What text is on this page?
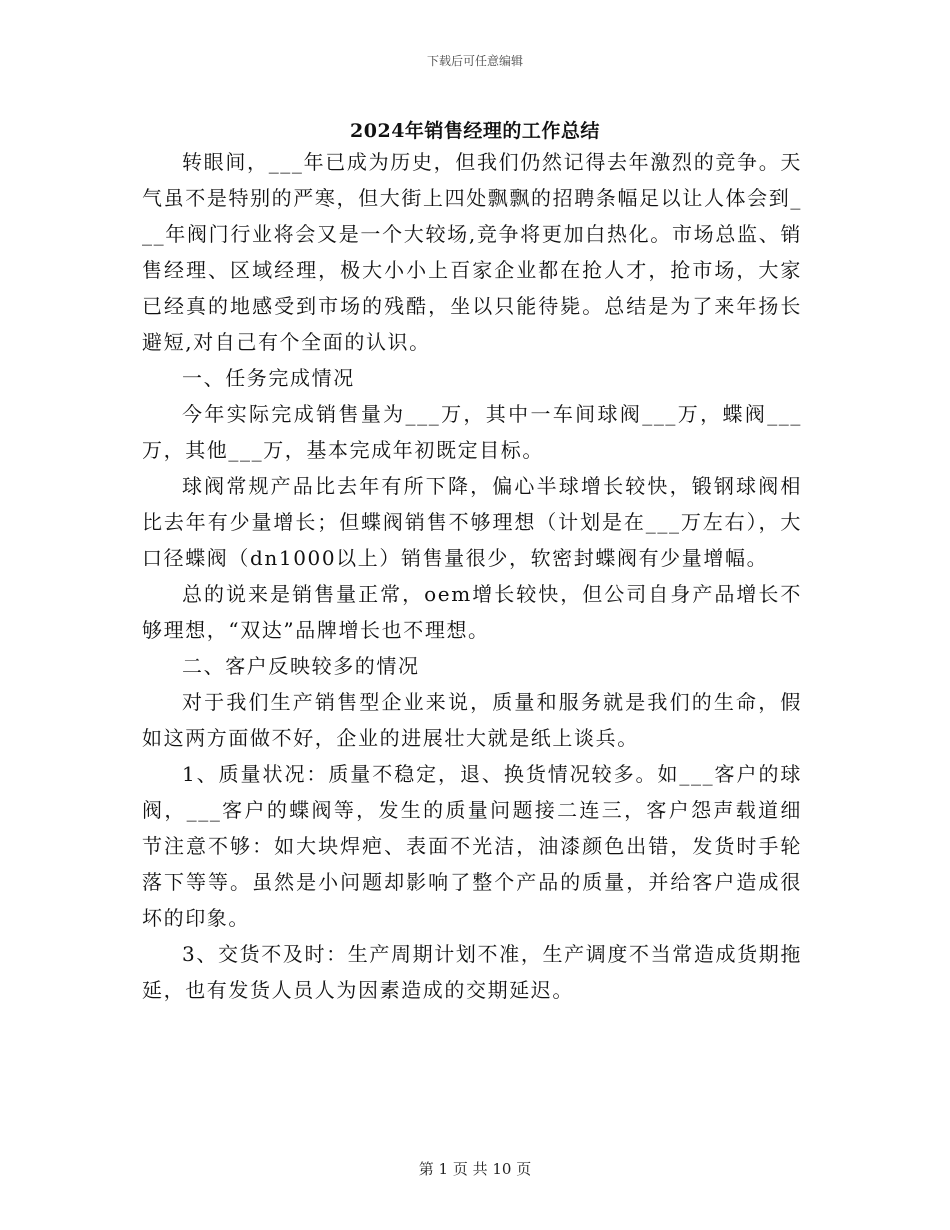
下载后可任意编辑
2024年销售经理的工作总结

转眼间，___年已成为历史，但我们仍然记得去年激烈的竞争。天气虽不是特别的严寒，但大街上四处飘飘的招聘条幅足以让人体会到___年阀门行业将会又是一个大较场,竞争将更加白热化。市场总监、销售经理、区域经理，极大小小上百家企业都在抢人才，抢市场，大家已经真的地感受到市场的残酷，坐以只能待毙。总结是为了来年扬长避短,对自己有个全面的认识。

一、任务完成情况

今年实际完成销售量为___万，其中一车间球阀___万，蝶阀___万，其他___万，基本完成年初既定目标。

球阀常规产品比去年有所下降，偏心半球增长较快，锻钢球阀相比去年有少量增长；但蝶阀销售不够理想（计划是在___万左右），大口径蝶阀（dn1000以上）销售量很少，软密封蝶阀有少量增幅。

总的说来是销售量正常，oem增长较快，但公司自身产品增长不够理想，“双达”品牌增长也不理想。

二、客户反映较多的情况

对于我们生产销售型企业来说，质量和服务就是我们的生命，假如这两方面做不好，企业的进展壮大就是纸上谈兵。

1、质量状况：质量不稳定，退、换货情况较多。如___客户的球阀，___客户的蝶阀等，发生的质量问题接二连三，客户怨声载道细节注意不够：如大块焊疤、表面不光洁，油漆颜色出错，发货时手轮落下等等。虽然是小问题却影响了整个产品的质量，并给客户造成很坏的印象。

3、交货不及时：生产周期计划不准，生产调度不当常造成货期拖延，也有发货人员人为因素造成的交期延迟。

第 1 页 共 10 页
